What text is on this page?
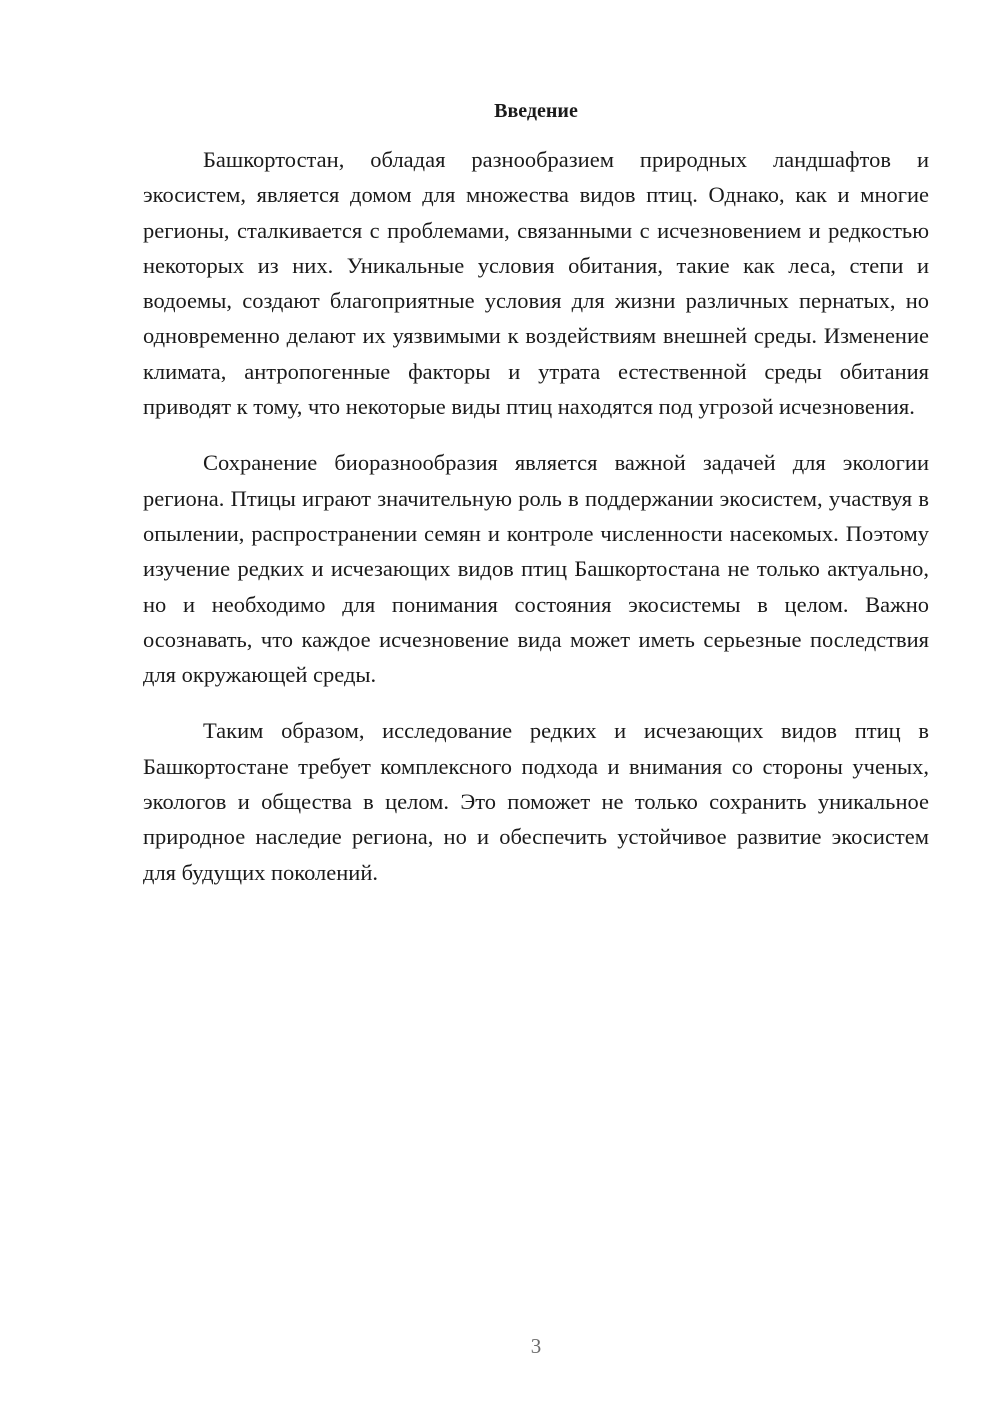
Введение

Башкортостан, обладая разнообразием природных ландшафтов и экосистем, является домом для множества видов птиц. Однако, как и многие регионы, сталкивается с проблемами, связанными с исчезновением и редкостью некоторых из них. Уникальные условия обитания, такие как леса, степи и водоемы, создают благоприятные условия для жизни различных пернатых, но одновременно делают их уязвимыми к воздействиям внешней среды. Изменение климата, антропогенные факторы и утрата естественной среды обитания приводят к тому, что некоторые виды птиц находятся под угрозой исчезновения.

Сохранение биоразнообразия является важной задачей для экологии региона. Птицы играют значительную роль в поддержании экосистем, участвуя в опылении, распространении семян и контроле численности насекомых. Поэтому изучение редких и исчезающих видов птиц Башкортостана не только актуально, но и необходимо для понимания состояния экосистемы в целом. Важно осознавать, что каждое исчезновение вида может иметь серьезные последствия для окружающей среды.

Таким образом, исследование редких и исчезающих видов птиц в Башкортостане требует комплексного подхода и внимания со стороны ученых, экологов и общества в целом. Это поможет не только сохранить уникальное природное наследие региона, но и обеспечить устойчивое развитие экосистем для будущих поколений.

3
